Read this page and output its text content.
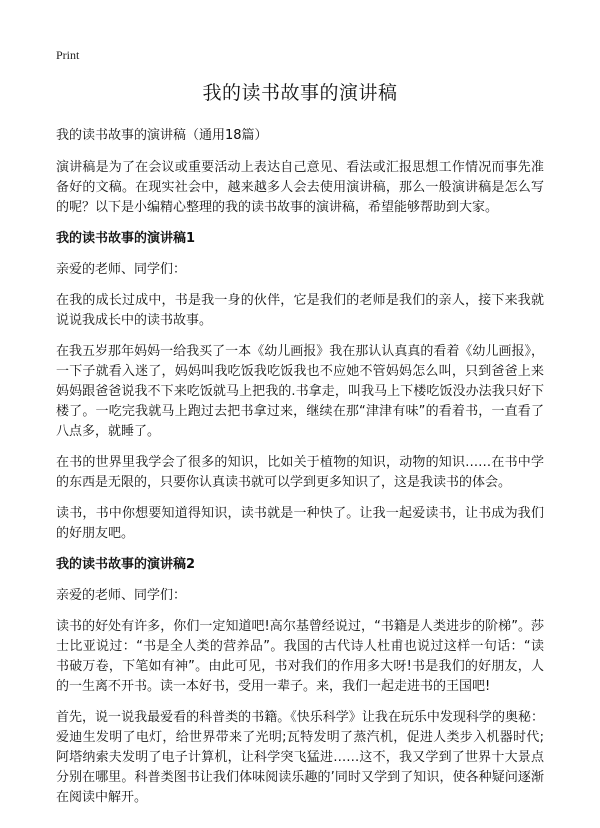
Print
我的读书故事的演讲稿

我的读书故事的演讲稿（通用18篇）

演讲稿是为了在会议或重要活动上表达自己意见、看法或汇报思想工作情况而事先准备好的文稿。在现实社会中，越来越多人会去使用演讲稿，那么一般演讲稿是怎么写的呢？以下是小编精心整理的我的读书故事的演讲稿，希望能够帮助到大家。

我的读书故事的演讲稿1

亲爱的老师、同学们：

在我的成长过成中，书是我一身的伙伴，它是我们的老师是我们的亲人，接下来我就说说我成长中的读书故事。

在我五岁那年妈妈一给我买了一本《幼儿画报》我在那认认真真的看着《幼儿画报》，一下子就看入迷了，妈妈叫我吃饭我吃饭我也不应她不管妈妈怎么叫，只到爸爸上来妈妈跟爸爸说我不下来吃饭就马上把我的.书拿走，叫我马上下楼吃饭没办法我只好下楼了。一吃完我就马上跑过去把书拿过来，继续在那“津津有味”的看着书，一直看了八点多，就睡了。

在书的世界里我学会了很多的知识，比如关于植物的知识，动物的知识……在书中学的东西是无限的，只要你认真读书就可以学到更多知识了，这是我读书的体会。

读书，书中你想要知道得知识，读书就是一种快了。让我一起爱读书，让书成为我们的好朋友吧。

我的读书故事的演讲稿2

亲爱的老师、同学们：

读书的好处有许多，你们一定知道吧!高尔基曾经说过，“书籍是人类进步的阶梯”。莎士比亚说过：“书是全人类的营养品”。我国的古代诗人杜甫也说过这样一句话：“读书破万卷，下笔如有神”。由此可见，书对我们的作用多大呀!书是我们的好朋友，人的一生离不开书。读一本好书，受用一辈子。来，我们一起走进书的王国吧!

首先，说一说我最爱看的科普类的书籍。《快乐科学》让我在玩乐中发现科学的奥秘：爱迪生发明了电灯，给世界带来了光明;瓦特发明了蒸汽机，促进人类步入机器时代;阿塔纳索夫发明了电子计算机，让科学突飞猛进……这不，我又学到了世界十大景点分别在哪里。科普类图书让我们体味阅读乐趣的’同时又学到了知识，使各种疑问逐渐在阅读中解开。
